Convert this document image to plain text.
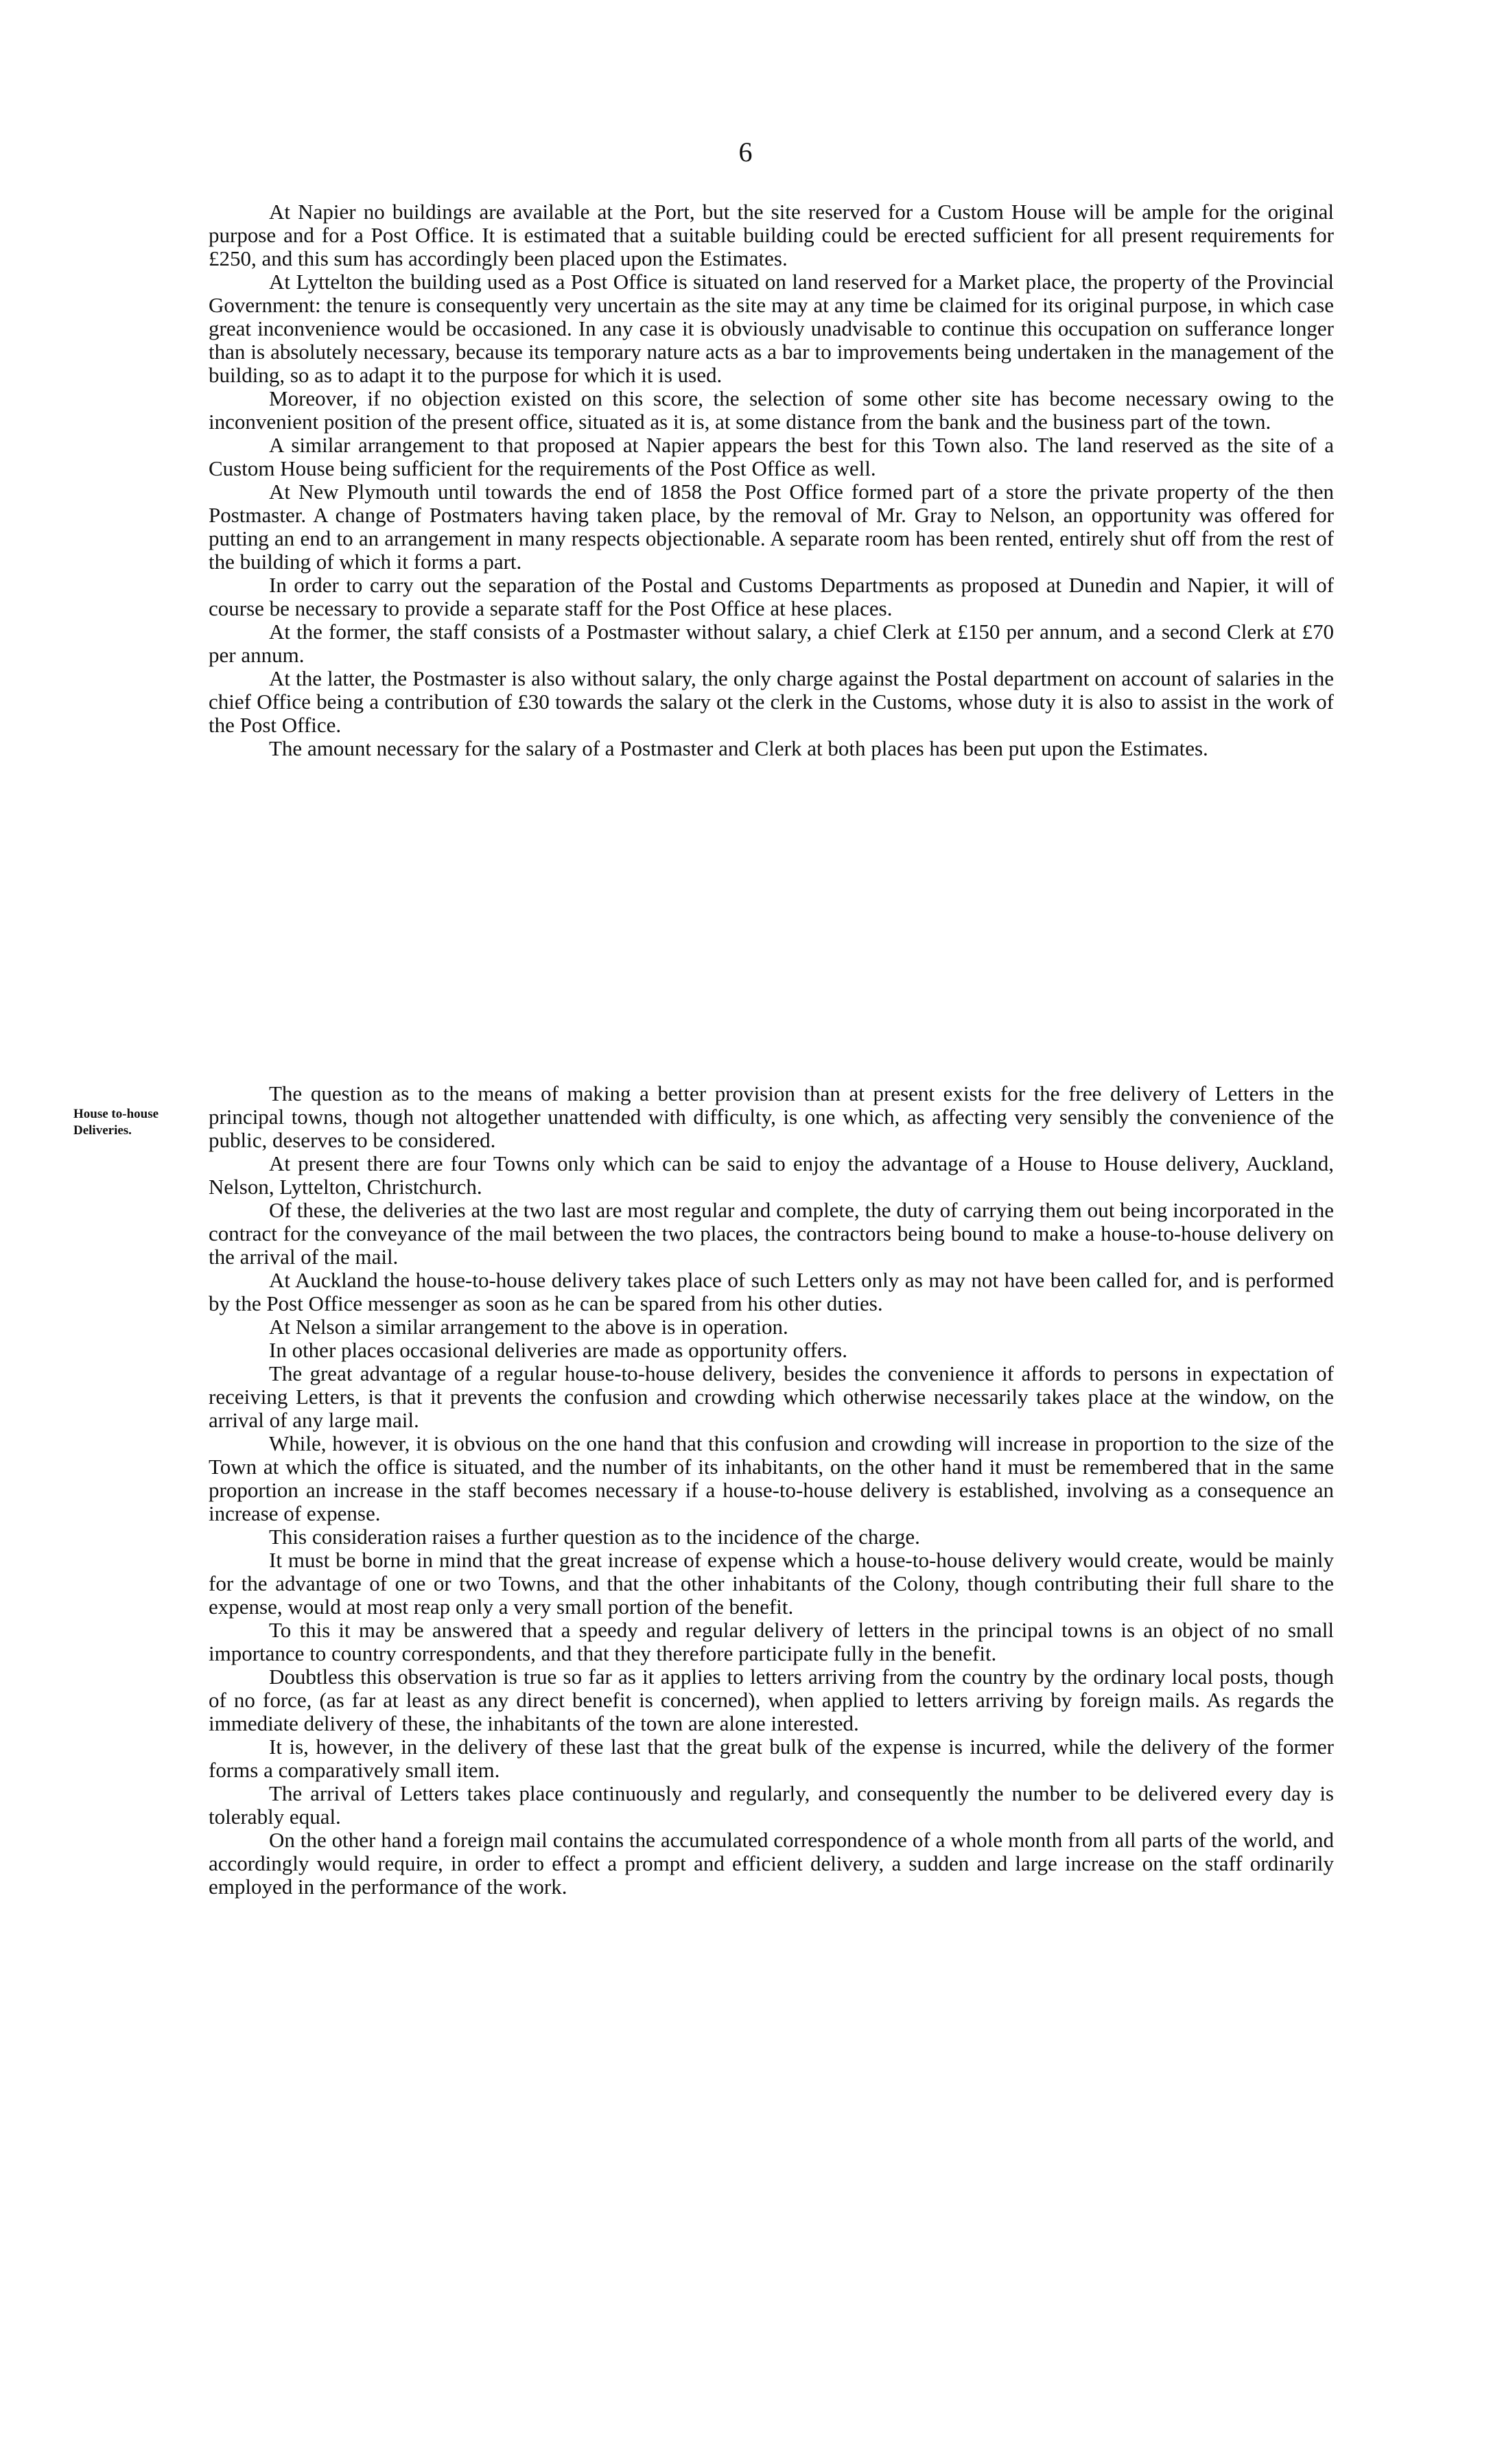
6

At Napier no buildings are available at the Port, but the site reserved for a Custom House will be ample for the original purpose and for a Post Office. It is estimated that a suitable building could be erected sufficient for all present requirements for £250, and this sum has accordingly been placed upon the Estimates.

At Lyttelton the building used as a Post Office is situated on land reserved for a Market place, the property of the Provincial Government: the tenure is consequently very uncertain as the site may at any time be claimed for its original purpose, in which case great inconvenience would be occasioned. In any case it is obviously unadvisable to continue this occupation on sufferance longer than is absolutely necessary, because its temporary nature acts as a bar to improvements being undertaken in the management of the building, so as to adapt it to the purpose for which it is used.

Moreover, if no objection existed on this score, the selection of some other site has become necessary owing to the inconvenient position of the present office, situated as it is, at some distance from the bank and the business part of the town.

A similar arrangement to that proposed at Napier appears the best for this Town also. The land reserved as the site of a Custom House being sufficient for the requirements of the Post Office as well.

At New Plymouth until towards the end of 1858 the Post Office formed part of a store the private property of the then Postmaster. A change of Postmaters having taken place, by the removal of Mr. Gray to Nelson, an opportunity was offered for putting an end to an arrangement in many respects objectionable. A separate room has been rented, entirely shut off from the rest of the building of which it forms a part.

In order to carry out the separation of the Postal and Customs Departments as proposed at Dunedin and Napier, it will of course be necessary to provide a separate staff for the Post Office at hese places.

At the former, the staff consists of a Postmaster without salary, a chief Clerk at £150 per annum, and a second Clerk at £70 per annum.

At the latter, the Postmaster is also without salary, the only charge against the Postal department on account of salaries in the chief Office being a contribution of £30 towards the salary ot the clerk in the Customs, whose duty it is also to assist in the work of the Post Office.

The amount necessary for the salary of a Postmaster and Clerk at both places has been put upon the Estimates.

House to-house
Deliveries.

The question as to the means of making a better provision than at present exists for the free delivery of Letters in the principal towns, though not altogether unattended with difficulty, is one which, as affecting very sensibly the convenience of the public, deserves to be considered.

At present there are four Towns only which can be said to enjoy the advantage of a House to House delivery, Auckland, Nelson, Lyttelton, Christchurch.

Of these, the deliveries at the two last are most regular and complete, the duty of carrying them out being incorporated in the contract for the conveyance of the mail between the two places, the contractors being bound to make a house-to-house delivery on the arrival of the mail.

At Auckland the house-to-house delivery takes place of such Letters only as may not have been called for, and is performed by the Post Office messenger as soon as he can be spared from his other duties.

At Nelson a similar arrangement to the above is in operation.

In other places occasional deliveries are made as opportunity offers.

The great advantage of a regular house-to-house delivery, besides the convenience it affords to persons in expectation of receiving Letters, is that it prevents the confusion and crowding which otherwise necessarily takes place at the window, on the arrival of any large mail.

While, however, it is obvious on the one hand that this confusion and crowding will increase in proportion to the size of the Town at which the office is situated, and the number of its inhabitants, on the other hand it must be remembered that in the same proportion an increase in the staff becomes necessary if a house-to-house delivery is established, involving as a consequence an increase of expense.

This consideration raises a further question as to the incidence of the charge.

It must be borne in mind that the great increase of expense which a house-to-house delivery would create, would be mainly for the advantage of one or two Towns, and that the other inhabitants of the Colony, though contributing their full share to the expense, would at most reap only a very small portion of the benefit.

To this it may be answered that a speedy and regular delivery of letters in the principal towns is an object of no small importance to country correspondents, and that they therefore participate fully in the benefit.

Doubtless this observation is true so far as it applies to letters arriving from the country by the ordinary local posts, though of no force, (as far at least as any direct benefit is concerned), when applied to letters arriving by foreign mails. As regards the immediate delivery of these, the inhabitants of the town are alone interested.

It is, however, in the delivery of these last that the great bulk of the expense is incurred, while the delivery of the former forms a comparatively small item.

The arrival of Letters takes place continuously and regularly, and consequently the number to be delivered every day is tolerably equal.

On the other hand a foreign mail contains the accumulated correspondence of a whole month from all parts of the world, and accordingly would require, in order to effect a prompt and efficient delivery, a sudden and large increase on the staff ordinarily employed in the performance of the work.
